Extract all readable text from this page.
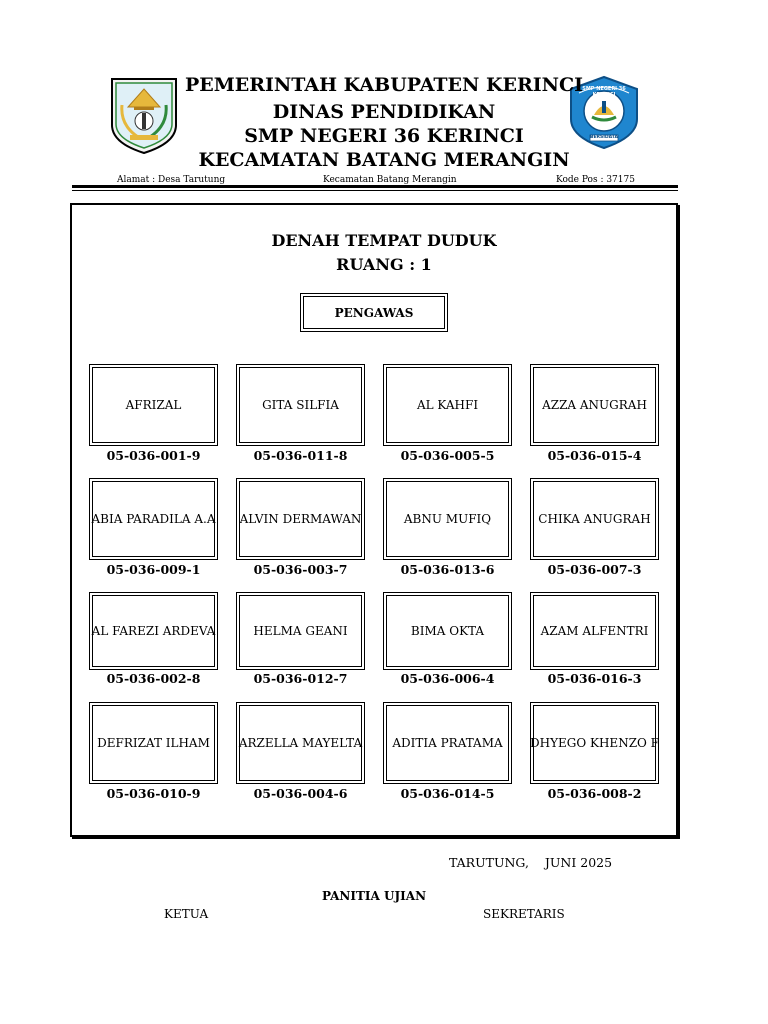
SMP NEGERI 36 KERINCI
BERSIDATA
PEMERINTAH KABUPATEN KERINCI
DINAS PENDIDIKAN
SMP NEGERI 36 KERINCI
KECAMATAN BATANG MERANGIN
Alamat : Desa Tarutung	Kecamatan Batang Merangin	Kode Pos : 37175
DENAH TEMPAT DUDUK
RUANG : 1
PENGAWAS
AFRIZAL
05-036-001-9
GITA SILFIA
05-036-011-8
AL KAHFI
05-036-005-5
AZZA ANUGRAH
05-036-015-4
ABIA PARADILA A.A
05-036-009-1
ALVIN DERMAWAN
05-036-003-7
ABNU MUFIQ
05-036-013-6
CHIKA ANUGRAH
05-036-007-3
AL FAREZI ARDEVA
05-036-002-8
HELMA GEANI
05-036-012-7
BIMA OKTA
05-036-006-4
AZAM ALFENTRI
05-036-016-3
DEFRIZAT ILHAM
05-036-010-9
ARZELLA MAYELTA
05-036-004-6
ADITIA PRATAMA
05-036-014-5
DHYEGO KHENZO F
05-036-008-2
TARUTUNG,    JUNI 2025
PANITIA UJIAN
KETUA	SEKRETARIS
